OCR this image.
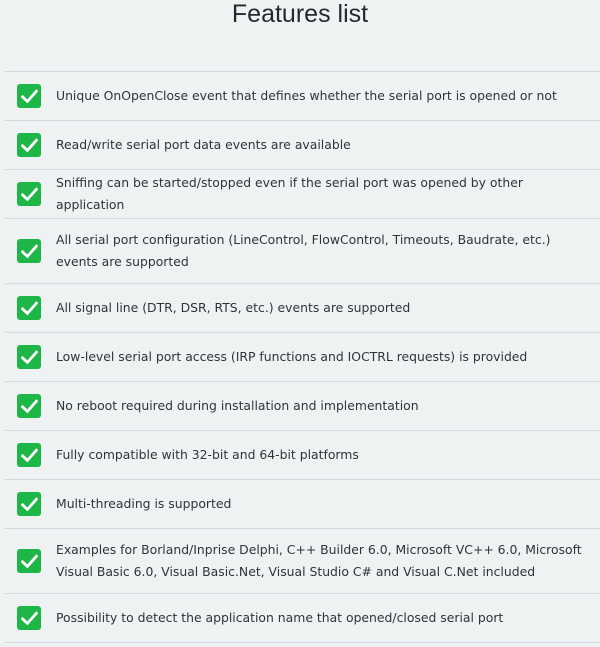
Features list
Unique OnOpenClose event that defines whether the serial port is opened or not
Read/write serial port data events are available
Sniffing can be started/stopped even if the serial port was opened by other application
All serial port configuration (LineControl, FlowControl, Timeouts, Baudrate, etc.) events are supported
All signal line (DTR, DSR, RTS, etc.) events are supported
Low-level serial port access (IRP functions and IOCTRL requests) is provided
No reboot required during installation and implementation
Fully compatible with 32-bit and 64-bit platforms
Multi-threading is supported
Examples for Borland/Inprise Delphi, C++ Builder 6.0, Microsoft VC++ 6.0, Microsoft Visual Basic 6.0, Visual Basic.Net, Visual Studio C# and Visual C.Net included
Possibility to detect the application name that opened/closed serial port
